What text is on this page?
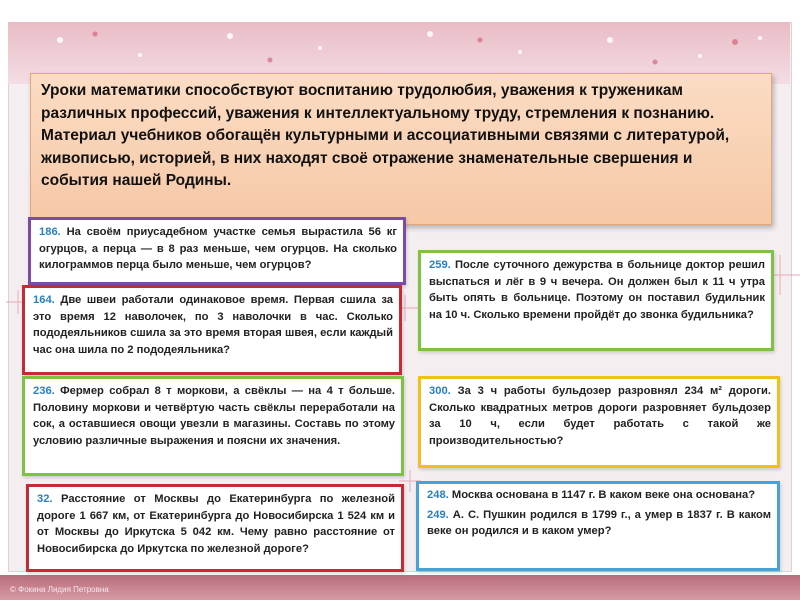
© Фокина Лидия Петровна
Уроки математики способствуют воспитанию трудолюбия, уважения к труженикам различных профессий, уважения к интеллектуальному труду, стремления к познанию. Материал учебников обогащён культурными и ассоциативными связями с литературой, живописью, историей, в них находят своё отражение знаменательные свершения и события нашей Родины.

186. На своём приусадебном участке семья вырастила 56 кг огурцов, а перца — в 8 раз меньше, чем огурцов. На сколько килограммов перца было меньше, чем огурцов?

164. Две швеи работали одинаковое время. Первая сшила за это время 12 наволочек, по 3 наволочки в час. Сколько пододеяльников сшила за это время вторая швея, если каждый час она шила по 2 пододеяльника?

236. Фермер собрал 8 т моркови, а свёклы — на 4 т больше. Половину моркови и четвёртую часть свёклы переработали на сок, а оставшиеся овощи увезли в магазины. Составь по этому условию различные выражения и поясни их значения.

32. Расстояние от Москвы до Екатеринбурга по железной дороге 1 667 км, от Екатеринбурга до Новосибирска 1 524 км и от Москвы до Иркутска 5 042 км. Чему равно расстояние от Новосибирска до Иркутска по железной дороге?

259. После суточного дежурства в больнице доктор решил выспаться и лёг в 9 ч вечера. Он должен был к 11 ч утра быть опять в больнице. Поэтому он поставил будильник на 10 ч. Сколько времени пройдёт до звонка будильника?

300. За 3 ч работы бульдозер разровнял 234 м² дороги. Сколько квадратных метров дороги разровняет бульдозер за 10 ч, если будет работать с такой же производительностью?

248. Москва основана в 1147 г. В каком веке она основана?

249. А. С. Пушкин родился в 1799 г., а умер в 1837 г. В каком веке он родился и в каком умер?
